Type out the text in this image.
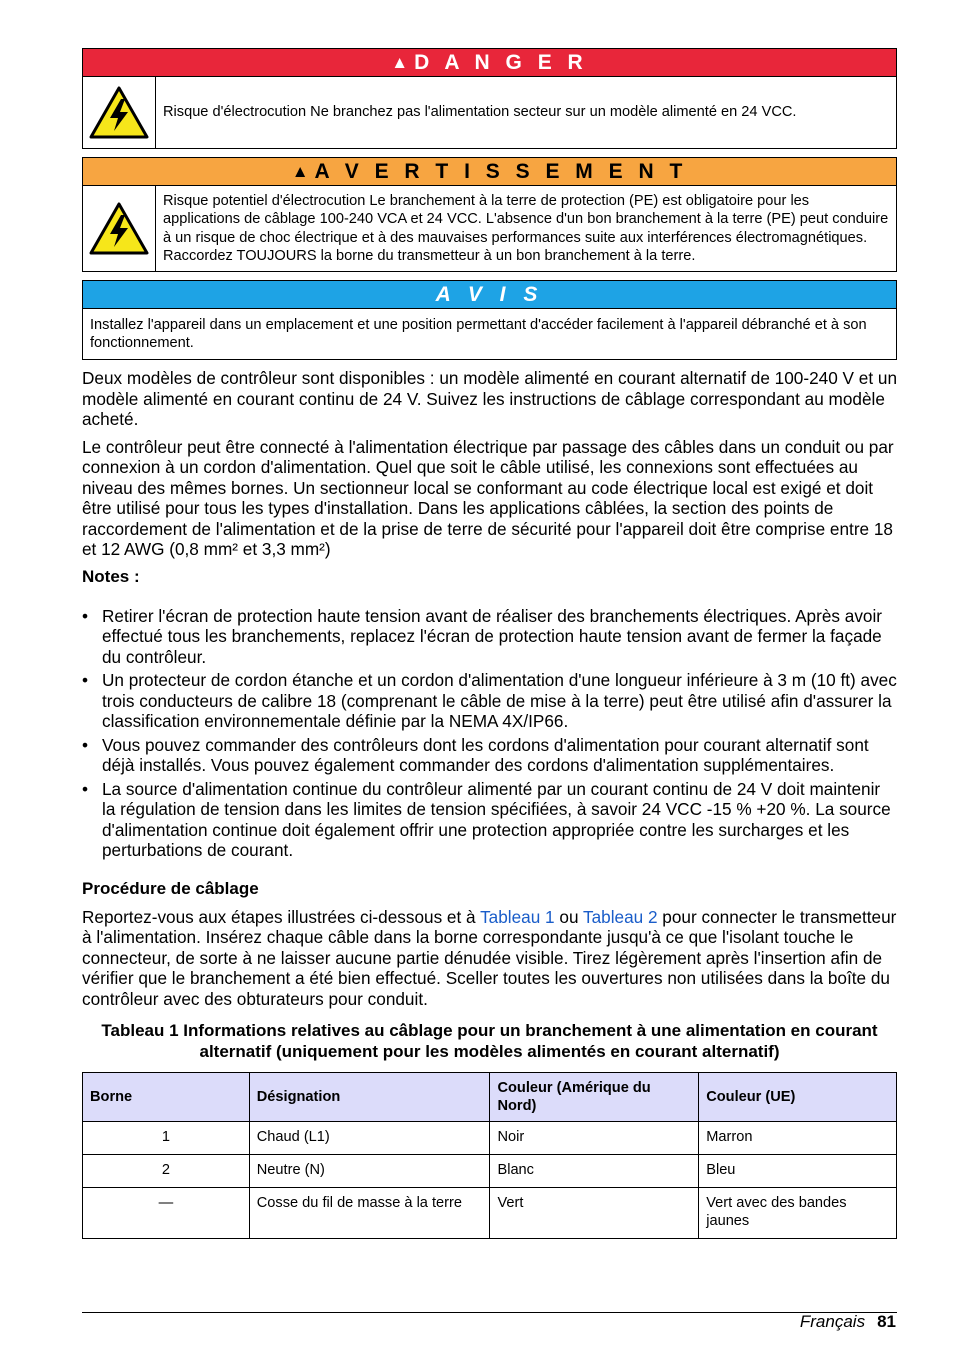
▲ D A N G E R
Risque d'électrocution Ne branchez pas l'alimentation secteur sur un modèle alimenté en 24 VCC.
▲ A V E R T I S S E M E N T
Risque potentiel d'électrocution Le branchement à la terre de protection (PE) est obligatoire pour les applications de câblage 100-240 VCA et 24 VCC. L'absence d'un bon branchement à la terre (PE) peut conduire à un risque de choc électrique et à des mauvaises performances suite aux interférences électromagnétiques. Raccordez TOUJOURS la borne du transmetteur à un bon branchement à la terre.
A V I S
Installez l'appareil dans un emplacement et une position permettant d'accéder facilement à l'appareil débranché et à son fonctionnement.

Deux modèles de contrôleur sont disponibles : un modèle alimenté en courant alternatif de 100-240 V et un modèle alimenté en courant continu de 24 V. Suivez les instructions de câblage correspondant au modèle acheté.

Le contrôleur peut être connecté à l'alimentation électrique par passage des câbles dans un conduit ou par connexion à un cordon d'alimentation. Quel que soit le câble utilisé, les connexions sont effectuées au niveau des mêmes bornes. Un sectionneur local se conformant au code électrique local est exigé et doit être utilisé pour tous les types d'installation. Dans les applications câblées, la section des points de raccordement de l'alimentation et de la prise de terre de sécurité pour l'appareil doit être comprise entre 18 et 12 AWG (0,8 mm² et 3,3 mm²)

Notes :
• Retirer l'écran de protection haute tension avant de réaliser des branchements électriques. Après avoir effectué tous les branchements, replacez l'écran de protection haute tension avant de fermer la façade du contrôleur.
• Un protecteur de cordon étanche et un cordon d'alimentation d'une longueur inférieure à 3 m (10 ft) avec trois conducteurs de calibre 18 (comprenant le câble de mise à la terre) peut être utilisé afin d'assurer la classification environnementale définie par la NEMA 4X/IP66.
• Vous pouvez commander des contrôleurs dont les cordons d'alimentation pour courant alternatif sont déjà installés. Vous pouvez également commander des cordons d'alimentation supplémentaires.
• La source d'alimentation continue du contrôleur alimenté par un courant continu de 24 V doit maintenir la régulation de tension dans les limites de tension spécifiées, à savoir 24 VCC -15 % +20 %. La source d'alimentation continue doit également offrir une protection appropriée contre les surcharges et les perturbations de courant.
Procédure de câblage

Reportez-vous aux étapes illustrées ci-dessous et à Tableau 1 ou Tableau 2 pour connecter le transmetteur à l'alimentation. Insérez chaque câble dans la borne correspondante jusqu'à ce que l'isolant touche le connecteur, de sorte à ne laisser aucune partie dénudée visible. Tirez légèrement après l'insertion afin de vérifier que le branchement a été bien effectué. Sceller toutes les ouvertures non utilisées dans la boîte du contrôleur avec des obturateurs pour conduit.

Tableau 1 Informations relatives au câblage pour un branchement à une alimentation en courant alternatif (uniquement pour les modèles alimentés en courant alternatif)
Borne	Désignation	Couleur (Amérique du Nord)	Couleur (UE)
1	Chaud (L1)	Noir	Marron
2	Neutre (N)	Blanc	Bleu
—	Cosse du fil de masse à la terre	Vert	Vert avec des bandes jaunes
Français 81
